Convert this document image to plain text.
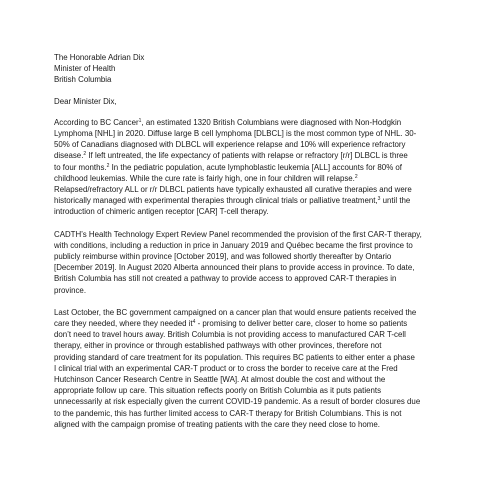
The Honorable Adrian Dix
Minister of Health
British Columbia
Dear Minister Dix,
According to BC Cancer$^1$, an estimated 1320 British Columbians were diagnosed with Non-Hodgkin
Lymphoma [NHL] in 2020. Diffuse large B cell lymphoma [DLBCL] is the most common type of NHL. 30-
50% of Canadians diagnosed with DLBCL will experience relapse and 10% will experience refractory
disease.$^2$ If left untreated, the life expectancy of patients with relapse or refractory [r/r] DLBCL is three
to four months.$^2$ In the pediatric population, acute lymphoblastic leukemia [ALL] accounts for 80% of
childhood leukemias. While the cure rate is fairly high, one in four children will relapse.$^2$
Relapsed/refractory ALL or r/r DLBCL patients have typically exhausted all curative therapies and were
historically managed with experimental therapies through clinical trials or palliative treatment,$^3$ until the
introduction of chimeric antigen receptor [CAR] T-cell therapy.
CADTH’s Health Technology Expert Review Panel recommended the provision of the first CAR-T therapy,
with conditions, including a reduction in price in January 2019 and Québec became the first province to
publicly reimburse within province [October 2019], and was followed shortly thereafter by Ontario
[December 2019]. In August 2020 Alberta announced their plans to provide access in province. To date,
British Columbia has still not created a pathway to provide access to approved CAR-T therapies in
province.
Last October, the BC government campaigned on a cancer plan that would ensure patients received the
care they needed, where they needed $it^4$ - promising to deliver better care, closer to home so patients
don’t need to travel hours away. British Columbia is not providing access to manufactured CAR T-cell
therapy, either in province or through established pathways with other provinces, therefore not
providing standard of care treatment for its population. This requires BC patients to either enter a phase
I clinical trial with an experimental CAR-T product or to cross the border to receive care at the Fred
Hutchinson Cancer Research Centre in Seattle [WA]. At almost double the cost and without the
appropriate follow up care. This situation reflects poorly on British Columbia as it puts patients
unnecessarily at risk especially given the current COVID-19 pandemic. As a result of border closures due
to the pandemic, this has further limited access to CAR-T therapy for British Columbians. This is not
aligned with the campaign promise of treating patients with the care they need close to home.
